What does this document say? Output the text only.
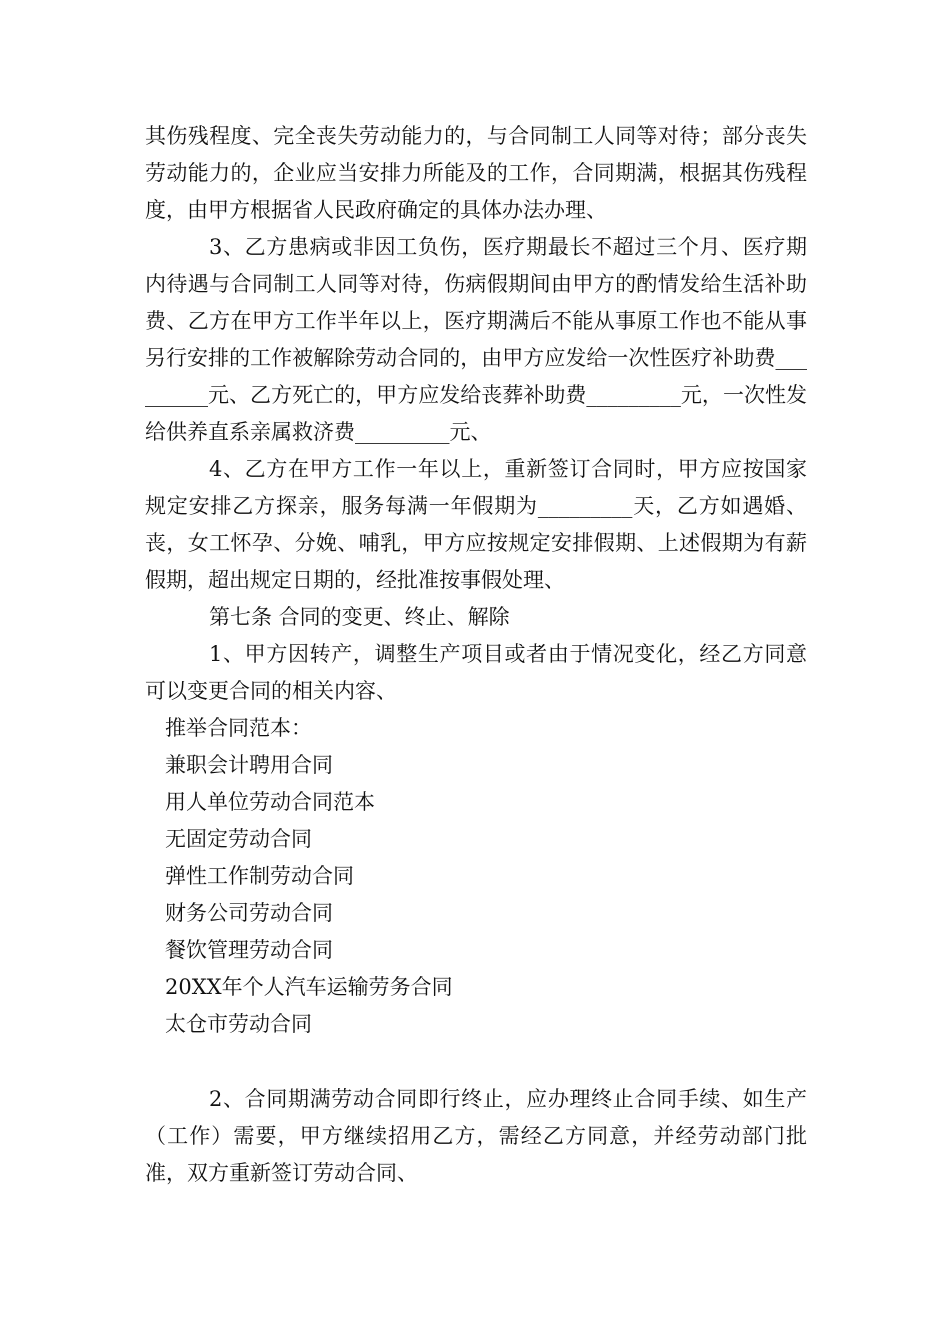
其伤残程度、完全丧失劳动能力的，与合同制工人同等对待；部分丧失劳动能力的，企业应当安排力所能及的工作，合同期满，根据其伤残程度，由甲方根据省人民政府确定的具体办法办理、

3、乙方患病或非因工负伤，医疗期最长不超过三个月、医疗期内待遇与合同制工人同等对待，伤病假期间由甲方的酌情发给生活补助费、乙方在甲方工作半年以上，医疗期满后不能从事原工作也不能从事另行安排的工作被解除劳动合同的，由甲方应发给一次性医疗补助费_________元、乙方死亡的，甲方应发给丧葬补助费_________元，一次性发给供养直系亲属救济费_________元、

4、乙方在甲方工作一年以上，重新签订合同时，甲方应按国家规定安排乙方探亲，服务每满一年假期为_________天，乙方如遇婚、丧，女工怀孕、分娩、哺乳，甲方应按规定安排假期、上述假期为有薪假期，超出规定日期的，经批准按事假处理、

第七条 合同的变更、终止、解除

1、甲方因转产，调整生产项目或者由于情况变化，经乙方同意可以变更合同的相关内容、

推举合同范本：

兼职会计聘用合同

用人单位劳动合同范本

无固定劳动合同

弹性工作制劳动合同

财务公司劳动合同

餐饮管理劳动合同

20XX年个人汽车运输劳务合同

太仓市劳动合同

2、合同期满劳动合同即行终止，应办理终止合同手续、如生产（工作）需要，甲方继续招用乙方，需经乙方同意，并经劳动部门批准，双方重新签订劳动合同、
